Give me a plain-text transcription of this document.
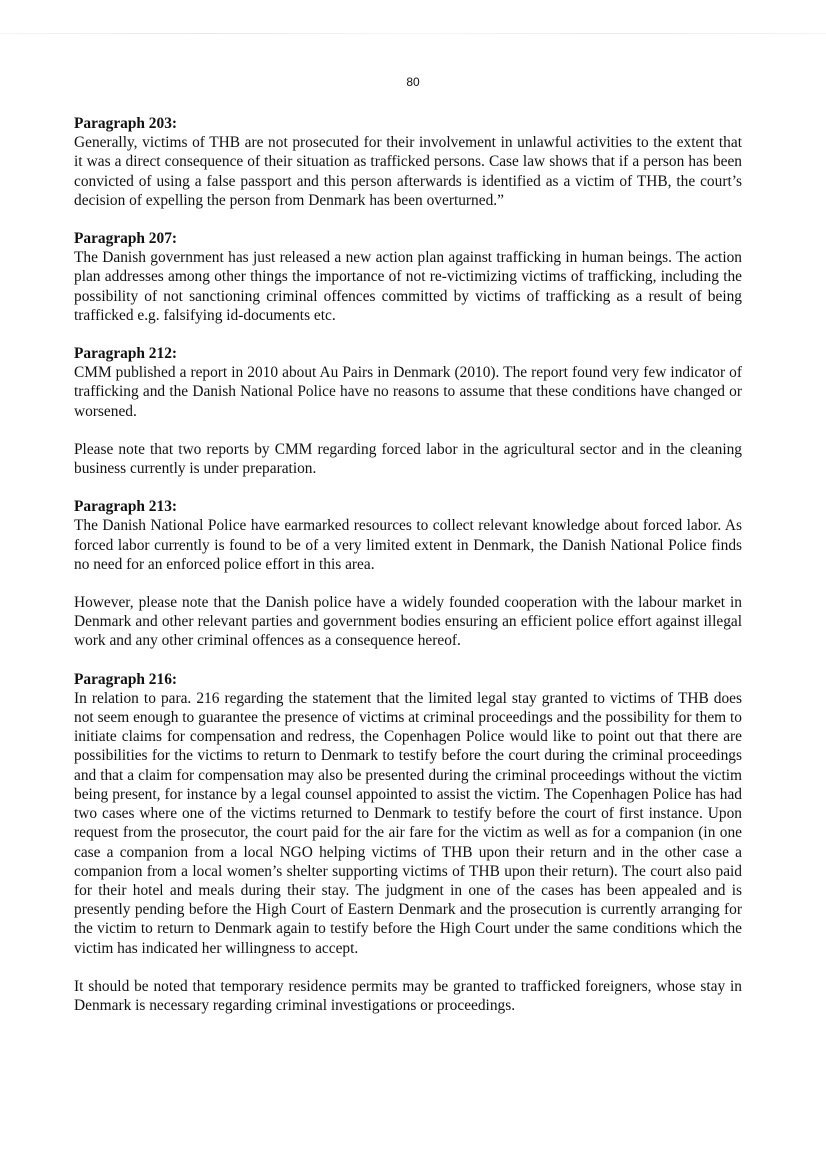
80

Paragraph 203:

Generally, victims of THB are not prosecuted for their involvement in unlawful activities to the extent that it was a direct consequence of their situation as trafficked persons. Case law shows that if a person has been convicted of using a false passport and this person afterwards is identified as a victim of THB, the court’s decision of expelling the person from Denmark has been overturned.”

Paragraph 207:

The Danish government has just released a new action plan against trafficking in human beings. The action plan addresses among other things the importance of not re-victimizing victims of trafficking, including the possibility of not sanctioning criminal offences committed by victims of trafficking as a result of being trafficked e.g. falsifying id-documents etc.

Paragraph 212:

CMM published a report in 2010 about Au Pairs in Denmark (2010). The report found very few indicator of trafficking and the Danish National Police have no reasons to assume that these conditions have changed or worsened.

Please note that two reports by CMM regarding forced labor in the agricultural sector and in the cleaning business currently is under preparation.

Paragraph 213:

The Danish National Police have earmarked resources to collect relevant knowledge about forced labor. As forced labor currently is found to be of a very limited extent in Denmark, the Danish National Police finds no need for an enforced police effort in this area.

However, please note that the Danish police have a widely founded cooperation with the labour market in Denmark and other relevant parties and government bodies ensuring an efficient police effort against illegal work and any other criminal offences as a consequence hereof.

Paragraph 216:

In relation to para. 216 regarding the statement that the limited legal stay granted to victims of THB does not seem enough to guarantee the presence of victims at criminal proceedings and the possibility for them to initiate claims for compensation and redress, the Copenhagen Police would like to point out that there are possibilities for the victims to return to Denmark to testify before the court during the criminal proceedings and that a claim for compensation may also be presented during the criminal proceedings without the victim being present, for instance by a legal counsel appointed to assist the victim. The Copenhagen Police has had two cases where one of the victims returned to Denmark to testify before the court of first instance. Upon request from the prosecutor, the court paid for the air fare for the victim as well as for a companion (in one case a companion from a local NGO helping victims of THB upon their return and in the other case a companion from a local women’s shelter supporting victims of THB upon their return). The court also paid for their hotel and meals during their stay. The judgment in one of the cases has been appealed and is presently pending before the High Court of Eastern Denmark and the prosecution is currently arranging for the victim to return to Denmark again to testify before the High Court under the same conditions which the victim has indicated her willingness to accept.

It should be noted that temporary residence permits may be granted to trafficked foreigners, whose stay in Denmark is necessary regarding criminal investigations or proceedings.
